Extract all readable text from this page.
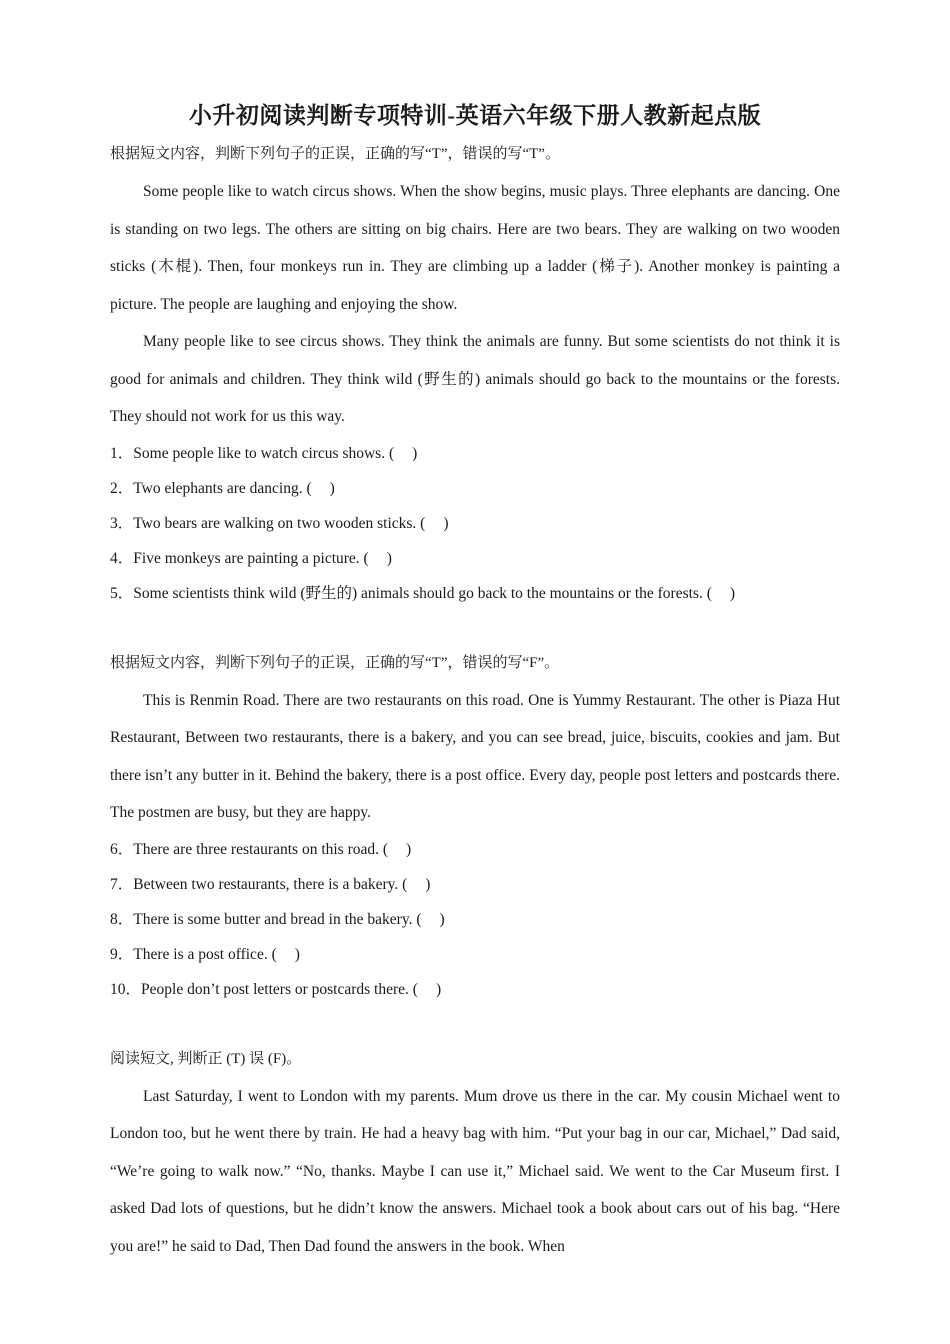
小升初阅读判断专项特训-英语六年级下册人教新起点版
根据短文内容，判断下列句子的正误，正确的写“T”，错误的写“T”。

Some people like to watch circus shows. When the show begins, music plays. Three elephants are dancing. One is standing on two legs. The others are sitting on big chairs. Here are two bears. They are walking on two wooden sticks (木棍). Then, four monkeys run in. They are climbing up a ladder (梯子). Another monkey is painting a picture. The people are laughing and enjoying the show.

Many people like to see circus shows. They think the animals are funny. But some scientists do not think it is good for animals and children. They think wild (野生的) animals should go back to the mountains or the forests. They should not work for us this way.

1．Some people like to watch circus shows. ( )
2．Two elephants are dancing. ( )
3．Two bears are walking on two wooden sticks. ( )
4．Five monkeys are painting a picture. ( )
5．Some scientists think wild (野生的) animals should go back to the mountains or the forests. ( )
根据短文内容，判断下列句子的正误，正确的写“T”，错误的写“F”。

This is Renmin Road. There are two restaurants on this road. One is Yummy Restaurant. The other is Piaza Hut Restaurant, Between two restaurants, there is a bakery, and you can see bread, juice, biscuits, cookies and jam. But there isn’t any butter in it. Behind the bakery, there is a post office. Every day, people post letters and postcards there. The postmen are busy, but they are happy.

6．There are three restaurants on this road. ( )
7．Between two restaurants, there is a bakery. ( )
8．There is some butter and bread in the bakery. ( )
9．There is a post office. ( )
10．People don’t post letters or postcards there. ( )
阅读短文, 判断正 (T) 误 (F)。

Last Saturday, I went to London with my parents. Mum drove us there in the car. My cousin Michael went to London too, but he went there by train. He had a heavy bag with him. “Put your bag in our car, Michael,” Dad said, “We’re going to walk now.” “No, thanks. Maybe I can use it,” Michael said. We went to the Car Museum first. I asked Dad lots of questions, but he didn’t know the answers. Michael took a book about cars out of his bag. “Here you are!” he said to Dad, Then Dad found the answers in the book. When
